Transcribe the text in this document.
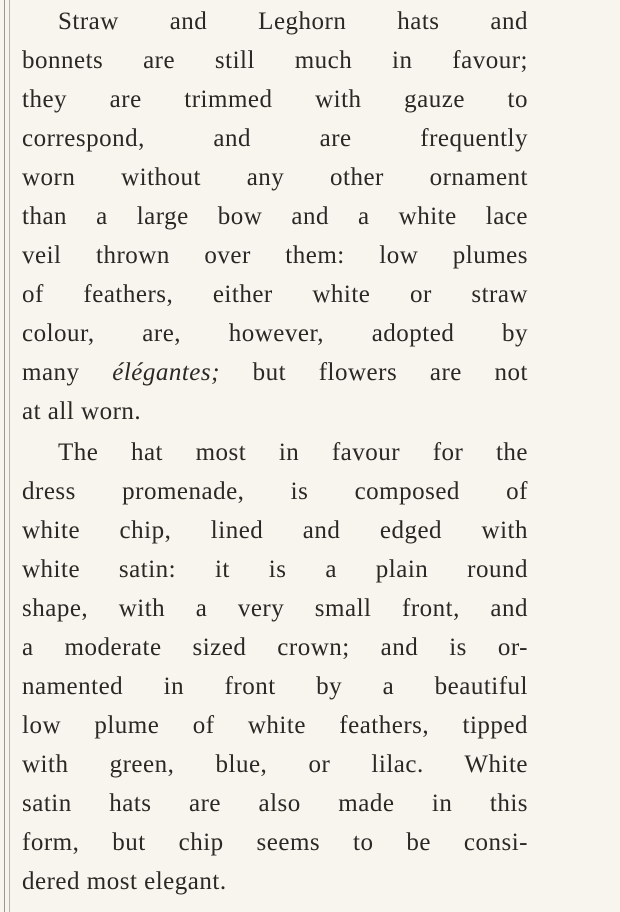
Straw and Leghorn hats and
bonnets are still much in favour;
they are trimmed with gauze to
correspond, and are frequently
worn without any other ornament
than a large bow and a white lace
veil thrown over them: low plumes
of feathers, either white or straw
colour, are, however, adopted by
many élégantes; but flowers are not
at all worn.
The hat most in favour for the
dress promenade, is composed of
white chip, lined and edged with
white satin: it is a plain round
shape, with a very small front, and
a moderate sized crown; and is or-
namented in front by a beautiful
low plume of white feathers, tipped
with green, blue, or lilac. White
satin hats are also made in this
form, but chip seems to be consi-
dered most elegant.
